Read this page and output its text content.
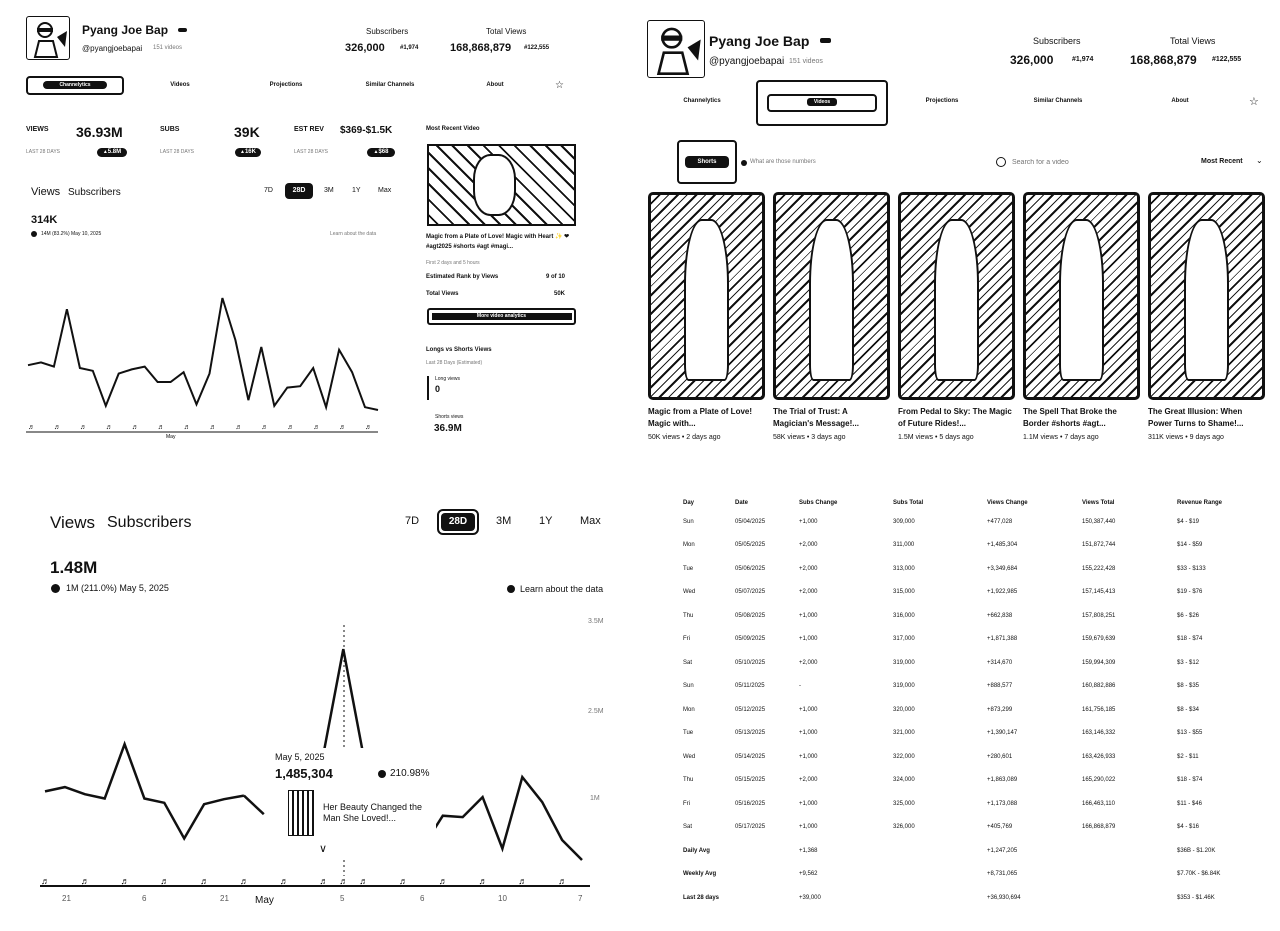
Pyang Joe Bap
@pyangjoebapai 151 videos
Subscribers
326,000	#1,974
Total Views
168,868,879 #122,555
Channelytics	Videos	Projections	Similar Channels	About	☆
VIEWS 36.93M
LAST 28 DAYS	▲ 5.8M
SUBS	39K
LAST 28 DAYS	▲ 16K
EST REV $369-$1.5K
LAST 28 DAYS	▲ $68
Views Subscribers	7D	28D	3M	1Y Max
314K
14M (83.2%) May 10, 2025	Learn about the data
♬	♬	♬	♬	♬	♬	♬	♬	♬	♬	♬	♬	♬	♬
May
Most Recent Video
Magic from a Plate of Love! Magic with Heart ✨ ❤ #agt2025 #shorts #agt #magi...
First 2 days and 5 hours
Estimated Rank by Views	9 of 10
Total Views	50K
More video analytics
Longs vs Shorts Views
Last 28 Days (Estimated)
Long views
0
Shorts views
36.9M
Pyang Joe Bap
@pyangjoebapai 151 videos
Subscribers
326,000	#1,974
Total Views
168,868,879 #122,555
Channelytics	Videos	Projections	Similar Channels	About	☆
Shorts	What are those numbers
Search for a video	Most Recent ⌄
Magic from a Plate of Love! Magic with...
50K views • 2 days ago
The Trial of Trust: A Magician's Message!...
58K views • 3 days ago
From Pedal to Sky: The Magic of Future Rides!...
1.5M views • 5 days ago
The Spell That Broke the Border #shorts #agt...
1.1M views • 7 days ago
The Great Illusion: When Power Turns to Shame!...
311K views • 9 days ago
Views Subscribers	7D	28D	3M	1Y	Max
1.48M
1M (211.0%) May 5, 2025	Learn about the data
♬	♬	♬	♬	♬	♬	♬	♬ ♬ ♬	♬	♬	♬	♬	♬
3.5M
2.5M
1M
21	6	21	May	5	6	10	7
May 5, 2025
1,485,304	210.98%
Her Beauty Changed the Man She Loved!...
∨
Day	Date	Subs Change	Subs Total	Views Change	Views Total	Revenue Range
Sun	05/04/2025	+1,000	309,000	+477,028	150,387,440	$4 - $19
Mon	05/05/2025	+2,000	311,000	+1,485,304	151,872,744	$14 - $59
Tue	05/06/2025	+2,000	313,000	+3,349,684	155,222,428	$33 - $133
Wed	05/07/2025	+2,000	315,000	+1,922,985	157,145,413	$19 - $76
Thu	05/08/2025	+1,000	316,000	+662,838	157,808,251	$6 - $26
Fri	05/09/2025	+1,000	317,000	+1,871,388	159,679,639	$18 - $74
Sat	05/10/2025	+2,000	319,000	+314,670	159,994,309	$3 - $12
Sun	05/11/2025	-	319,000	+888,577	160,882,886	$8 - $35
Mon	05/12/2025	+1,000	320,000	+873,299	161,756,185	$8 - $34
Tue	05/13/2025	+1,000	321,000	+1,390,147	163,146,332	$13 - $55
Wed	05/14/2025	+1,000	322,000	+280,601	163,426,933	$2 - $11
Thu	05/15/2025	+2,000	324,000	+1,863,089	165,290,022	$18 - $74
Fri	05/16/2025	+1,000	325,000	+1,173,088	166,463,110	$11 - $46
Sat	05/17/2025	+1,000	326,000	+405,769	166,868,879	$4 - $16
Daily Avg		+1,368		+1,247,205		$36B - $1.20K
Weekly Avg		+9,562		+8,731,065		$7.70K - $6.84K
Last 28 days		+39,000		+36,930,694		$353 - $1.46K
